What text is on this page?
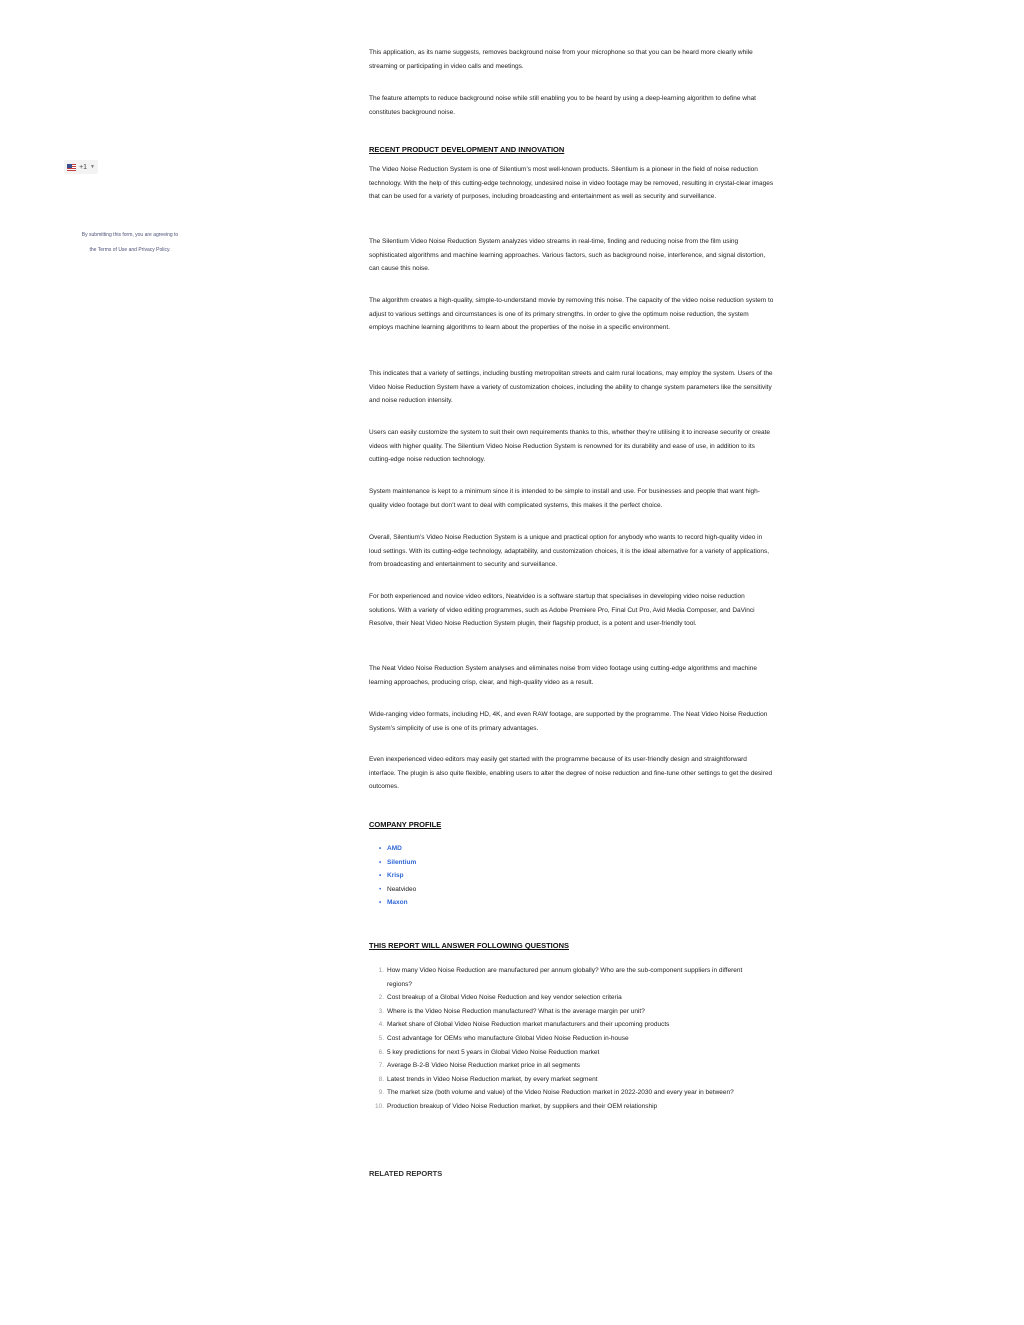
+1 ▼
By submitting this form, you are agreeing to
the Terms of Use and Privacy Policy.

This application, as its name suggests, removes background noise from your microphone so that you can be heard more clearly while streaming or participating in video calls and meetings.

The feature attempts to reduce background noise while still enabling you to be heard by using a deep-learning algorithm to define what constitutes background noise.

RECENT PRODUCT DEVELOPMENT AND INNOVATION

The Video Noise Reduction System is one of Silentium’s most well-known products. Silentium is a pioneer in the field of noise reduction technology. With the help of this cutting-edge technology, undesired noise in video footage may be removed, resulting in crystal-clear images that can be used for a variety of purposes, including broadcasting and entertainment as well as security and surveillance.

The Silentium Video Noise Reduction System analyzes video streams in real-time, finding and reducing noise from the film using sophisticated algorithms and machine learning approaches. Various factors, such as background noise, interference, and signal distortion, can cause this noise.

The algorithm creates a high-quality, simple-to-understand movie by removing this noise. The capacity of the video noise reduction system to adjust to various settings and circumstances is one of its primary strengths. In order to give the optimum noise reduction, the system employs machine learning algorithms to learn about the properties of the noise in a specific environment.

This indicates that a variety of settings, including bustling metropolitan streets and calm rural locations, may employ the system. Users of the Video Noise Reduction System have a variety of customization choices, including the ability to change system parameters like the sensitivity and noise reduction intensity.

Users can easily customize the system to suit their own requirements thanks to this, whether they’re utilising it to increase security or create videos with higher quality. The Silentium Video Noise Reduction System is renowned for its durability and ease of use, in addition to its cutting-edge noise reduction technology.

System maintenance is kept to a minimum since it is intended to be simple to install and use. For businesses and people that want high-quality video footage but don’t want to deal with complicated systems, this makes it the perfect choice.

Overall, Silentium’s Video Noise Reduction System is a unique and practical option for anybody who wants to record high-quality video in loud settings. With its cutting-edge technology, adaptability, and customization choices, it is the ideal alternative for a variety of applications, from broadcasting and entertainment to security and surveillance.

For both experienced and novice video editors, Neatvideo is a software startup that specialises in developing video noise reduction solutions. With a variety of video editing programmes, such as Adobe Premiere Pro, Final Cut Pro, Avid Media Composer, and DaVinci Resolve, their Neat Video Noise Reduction System plugin, their flagship product, is a potent and user-friendly tool.

The Neat Video Noise Reduction System analyses and eliminates noise from video footage using cutting-edge algorithms and machine learning approaches, producing crisp, clear, and high-quality video as a result.

Wide-ranging video formats, including HD, 4K, and even RAW footage, are supported by the programme. The Neat Video Noise Reduction System’s simplicity of use is one of its primary advantages.

Even inexperienced video editors may easily get started with the programme because of its user-friendly design and straightforward interface. The plugin is also quite flexible, enabling users to alter the degree of noise reduction and fine-tune other settings to get the desired outcomes.

COMPANY PROFILE
• AMD
• Silentium
• Krisp
• Neatvideo
• Maxon
THIS REPORT WILL ANSWER FOLLOWING QUESTIONS
How many Video Noise Reduction are manufactured per annum globally? Who are the sub-component suppliers in different regions?
Cost breakup of a Global Video Noise Reduction and key vendor selection criteria
Where is the Video Noise Reduction manufactured? What is the average margin per unit?
Market share of Global Video Noise Reduction market manufacturers and their upcoming products
Cost advantage for OEMs who manufacture Global Video Noise Reduction in-house
5 key predictions for next 5 years in Global Video Noise Reduction market
Average B-2-B Video Noise Reduction market price in all segments
Latest trends in Video Noise Reduction market, by every market segment
The market size (both volume and value) of the Video Noise Reduction market in 2022-2030 and every year in between?
Production breakup of Video Noise Reduction market, by suppliers and their OEM relationship
RELATED REPORTS
